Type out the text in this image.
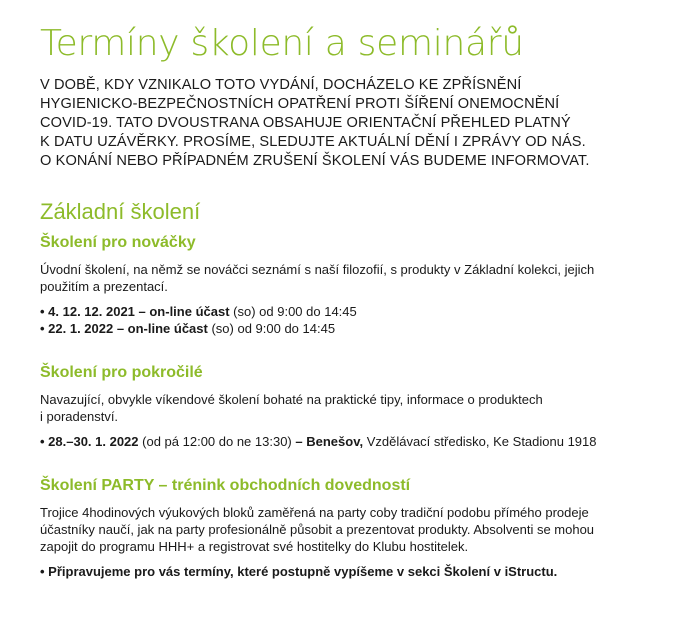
Termíny školení a seminářů
V DOBĚ, KDY VZNIKALO TOTO VYDÁNÍ, DOCHÁZELO KE ZPŘÍSNĚNÍ
HYGIENICKO-BEZPEČNOSTNÍCH OPATŘENÍ PROTI ŠÍŘENÍ ONEMOCNĚNÍ
COVID-19. TATO DVOUSTRANA OBSAHUJE ORIENTAČNÍ PŘEHLED PLATNÝ
K DATU UZÁVĚRKY. PROSÍME, SLEDUJTE AKTUÁLNÍ DĚNÍ I ZPRÁVY OD NÁS.
O KONÁNÍ NEBO PŘÍPADNÉM ZRUŠENÍ ŠKOLENÍ VÁS BUDEME INFORMOVAT.
Základní školení
Školení pro nováčky
Úvodní školení, na němž se nováčci seznámí s naší filozofií, s produkty v Základní kolekci, jejich
použitím a prezentací.
• 4. 12. 12. 2021 – on-line účast (so) od 9:00 do 14:45
• 22. 1. 2022 – on-line účast (so) od 9:00 do 14:45
Školení pro pokročilé
Navazující, obvykle víkendové školení bohaté na praktické tipy, informace o produktech
i poradenství.
• 28.–30. 1. 2022 (od pá 12:00 do ne 13:30) – Benešov, Vzdělávací středisko, Ke Stadionu 1918
Školení PARTY – trénink obchodních dovedností
Trojice 4hodinových výukových bloků zaměřená na party coby tradiční podobu přímého prodeje
účastníky naučí, jak na party profesionálně působit a prezentovat produkty. Absolventi se mohou
zapojit do programu HHH+ a registrovat své hostitelky do Klubu hostitelek.

• Připravujeme pro vás termíny, které postupně vypíšeme v sekci Školení v iStructu.
